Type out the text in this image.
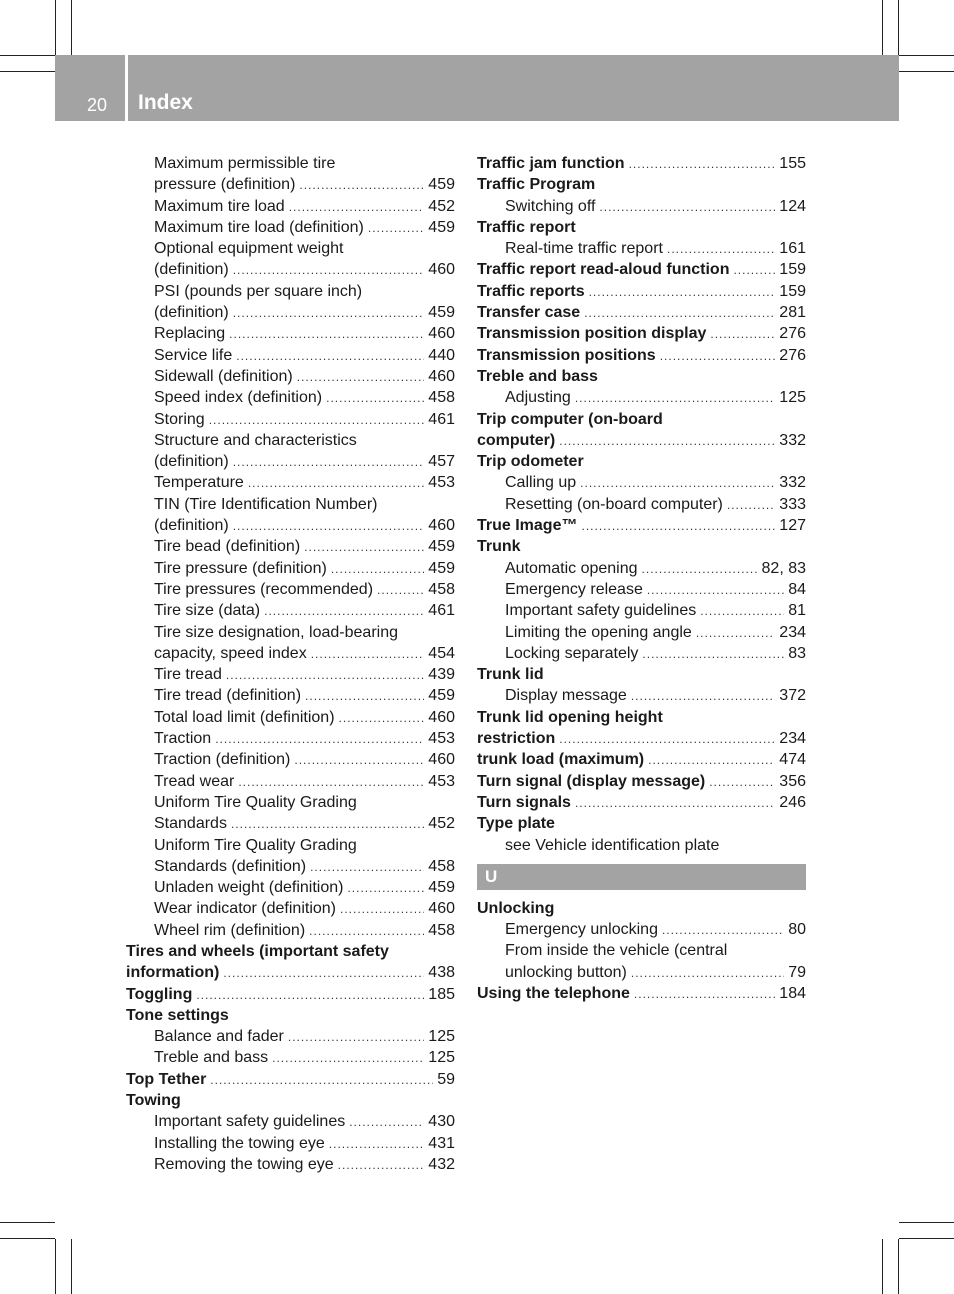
20 Index
Maximum permissible tire
pressure (definition) .....	459
Maximum tire load .....	452
Maximum tire load (definition) .....	459
Optional equipment weight
(definition) .....	460
PSI (pounds per square inch)
(definition) .....	459
Replacing .....	460
Service life .....	440
Sidewall (definition) .....	460
Speed index (definition) .....	458
Storing .....	461
Structure and characteristics
(definition) .....	457
Temperature .....	453
TIN (Tire Identification Number)
(definition) .....	460
Tire bead (definition) .....	459
Tire pressure (definition) .....	459
Tire pressures (recommended) .....	458
Tire size (data) .....	461
Tire size designation, load-bearing
capacity, speed index .....	454
Tire tread .....	439
Tire tread (definition) .....	459
Total load limit (definition) .....	460
Traction .....	453
Traction (definition) .....	460
Tread wear .....	453
Uniform Tire Quality Grading
Standards .....	452
Uniform Tire Quality Grading
Standards (definition) .....	458
Unladen weight (definition) .....	459
Wear indicator (definition) .....	460
Wheel rim (definition) .....	458
Tires and wheels (important safety
information) .....	438
Toggling .....	185
Tone settings
Balance and fader .....	125
Treble and bass .....	125
Top Tether .....	59
Towing
Important safety guidelines .....	430
Installing the towing eye .....	431
Removing the towing eye .....	432
Traffic jam function .....	155
Traffic Program
Switching off .....	124
Traffic report
Real-time traffic report .....	161
Traffic report read-aloud function .....	159
Traffic reports .....	159
Transfer case .....	281
Transmission position display .....	276
Transmission positions .....	276
Treble and bass
Adjusting .....	125
Trip computer (on-board
computer) .....	332
Trip odometer
Calling up .....	332
Resetting (on-board computer) .....	333
True Image™ .....	127
Trunk
Automatic opening .....	82, 83
Emergency release .....	84
Important safety guidelines .....	81
Limiting the opening angle .....	234
Locking separately .....	83
Trunk lid
Display message .....	372
Trunk lid opening height
restriction .....	234
trunk load (maximum) .....	474
Turn signal (display message) .....	356
Turn signals .....	246
Type plate
see Vehicle identification plate
U
Unlocking
Emergency unlocking .....	80
From inside the vehicle (central
unlocking button) .....	79
Using the telephone .....	184
